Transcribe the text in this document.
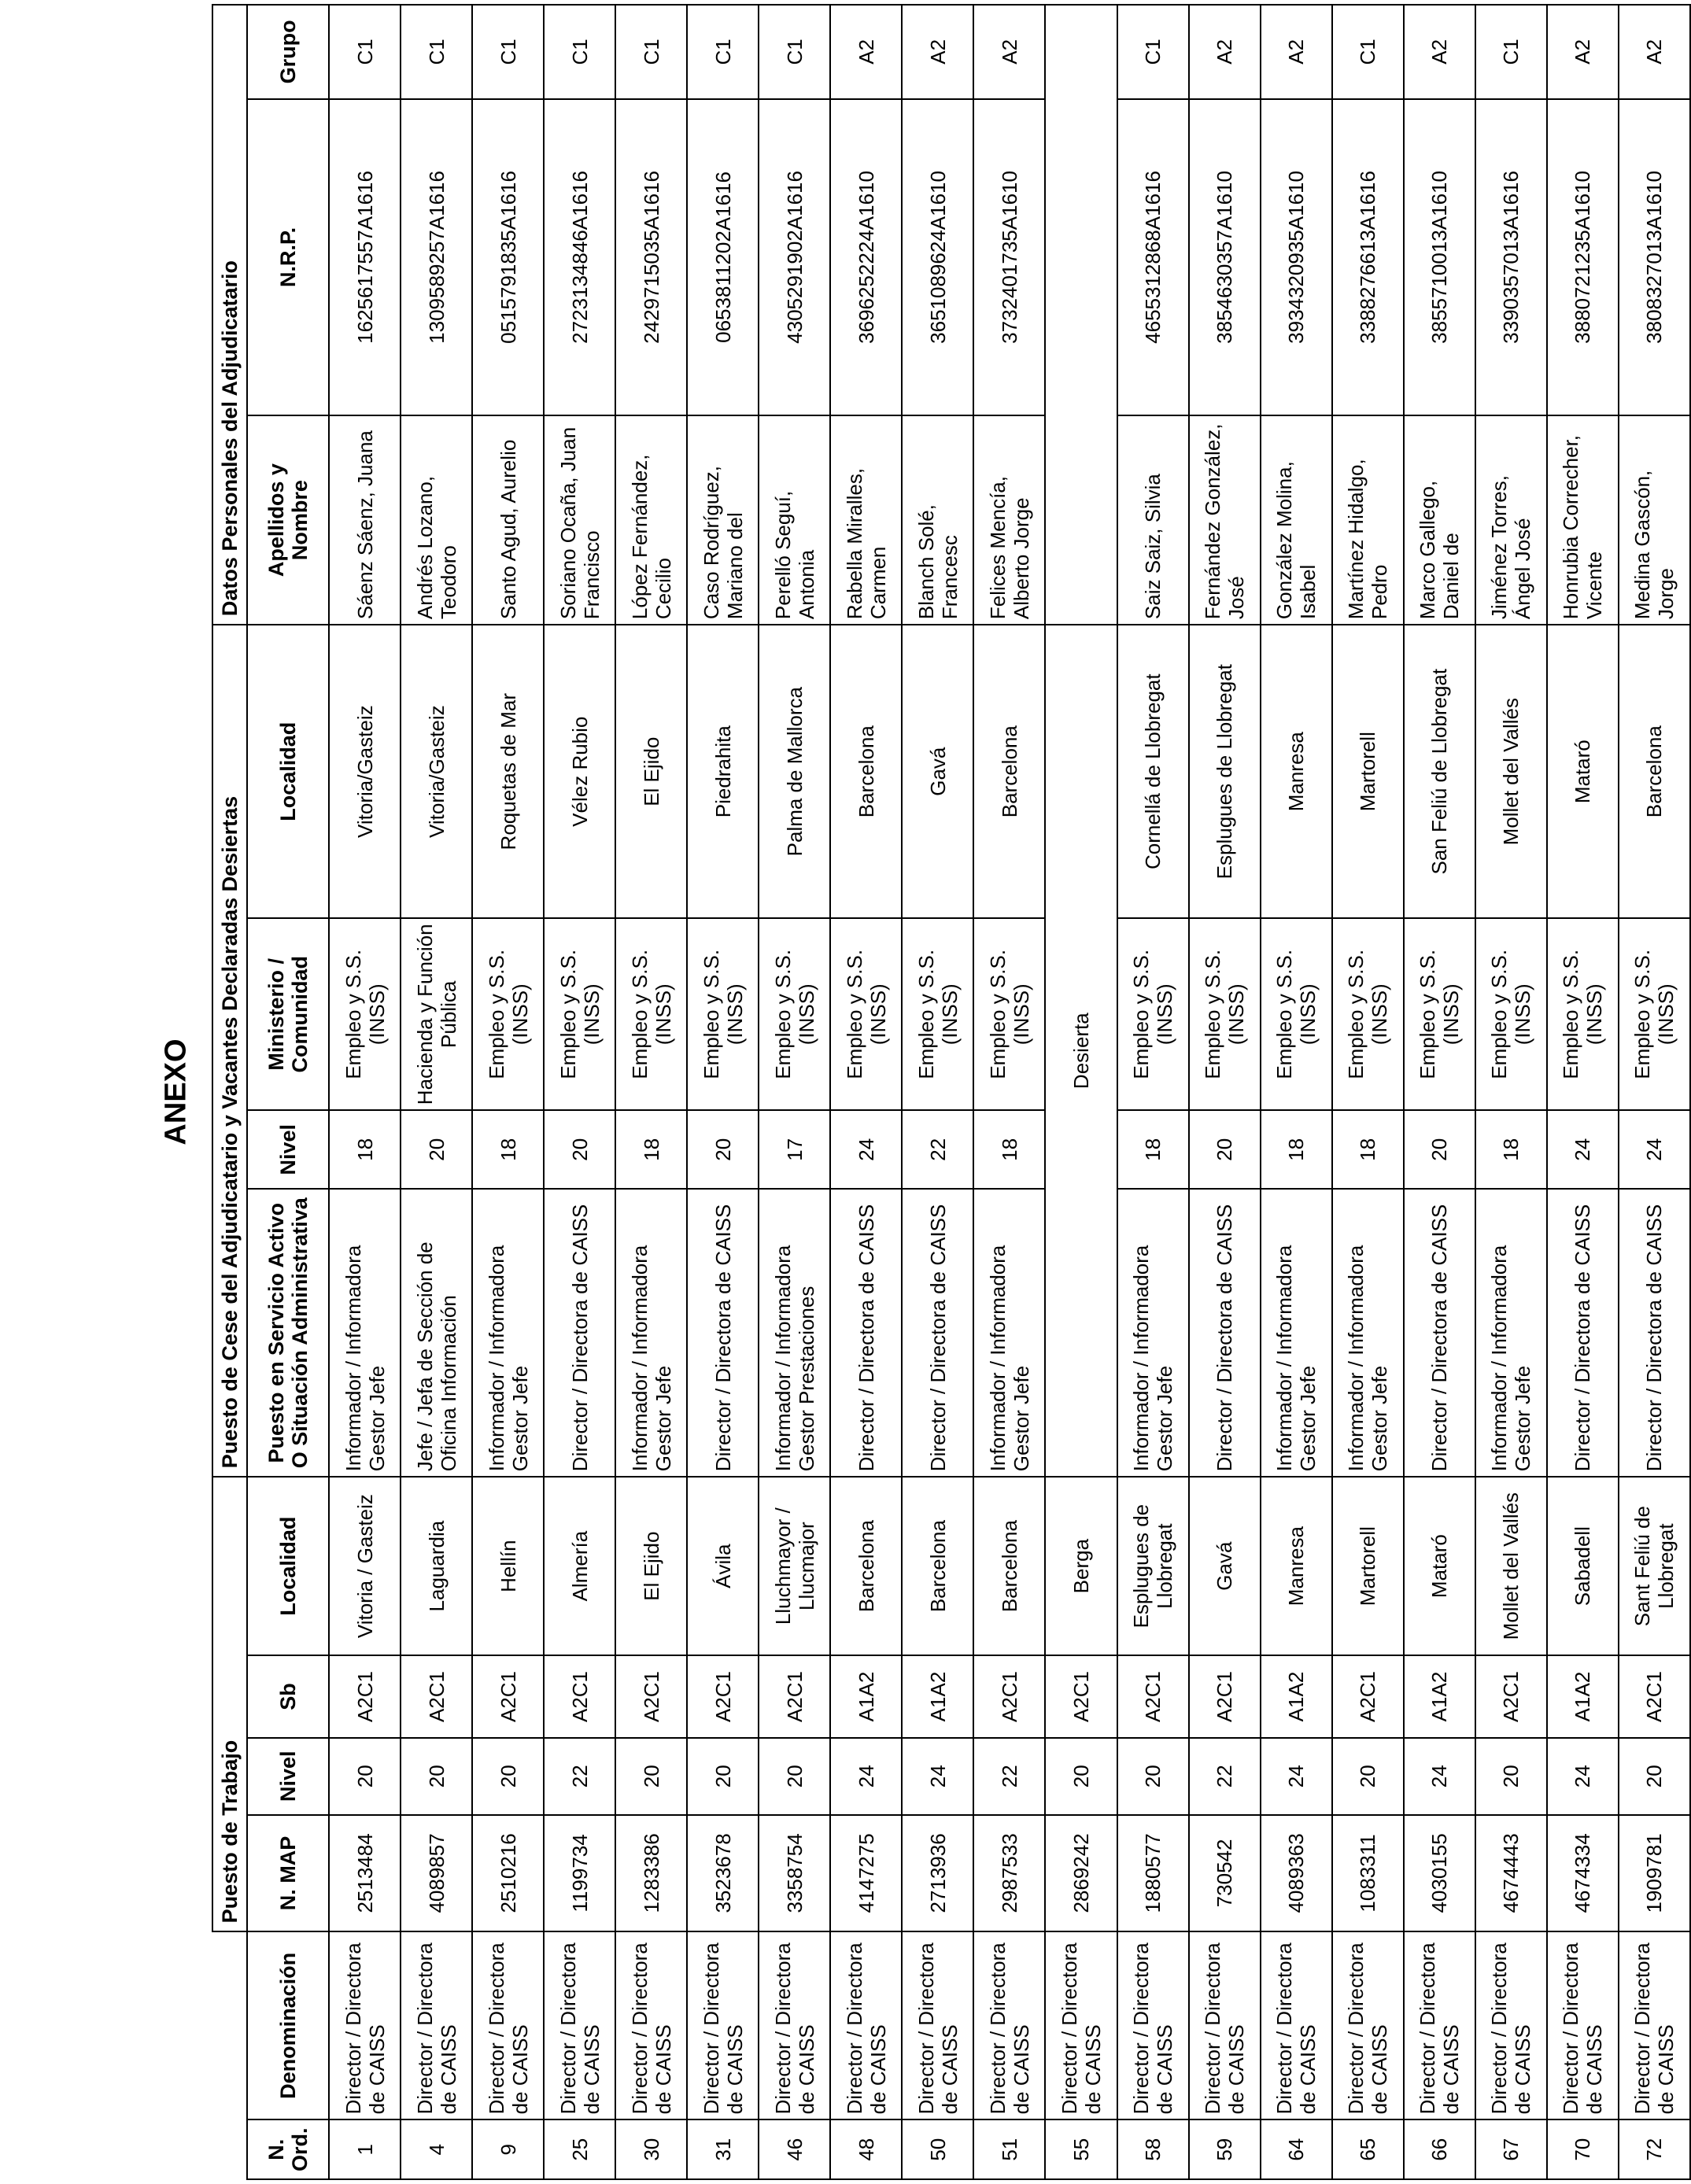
ANEXO
		Puesto de Trabajo				Puesto de Cese del Adjudicatario y Vacantes Declaradas Desiertas				Datos Personales del Adjudicatario		
N. Ord.	Denominación	N. MAP	Nivel	Sb	Localidad	Puesto en Servicio Activo O Situación Administrativa	Nivel	Ministerio / Comunidad	Localidad	Apellidos y Nombre	N.R.P.	Grupo
1	Director / Directora de CAISS	2513484	20	A2C1	Vitoria / Gasteiz	Informador / Informadora Gestor Jefe	18	Empleo y S.S. (INSS)	Vitoria/Gasteiz	Sáenz Sáenz, Juana	1625617557A1616	C1
4	Director / Directora de CAISS	4089857	20	A2C1	Laguardia	Jefe / Jefa de Sección de Oficina Información	20	Hacienda y Función Pública	Vitoria/Gasteiz	Andrés Lozano, Teodoro	1309589257A1616	C1
9	Director / Directora de CAISS	2510216	20	A2C1	Hellín	Informador / Informadora Gestor Jefe	18	Empleo y S.S. (INSS)	Roquetas de Mar	Santo Agud, Aurelio	0515791835A1616	C1
25	Director / Directora de CAISS	1199734	22	A2C1	Almería	Director / Directora de CAISS	20	Empleo y S.S. (INSS)	Vélez Rubio	Soriano Ocaña, Juan Francisco	2723134846A1616	C1
30	Director / Directora de CAISS	1283386	20	A2C1	El Ejido	Informador / Informadora Gestor Jefe	18	Empleo y S.S. (INSS)	El Ejido	López Fernández, Cecilio	2429715035A1616	C1
31	Director / Directora de CAISS	3523678	20	A2C1	Ávila	Director / Directora de CAISS	20	Empleo y S.S. (INSS)	Piedrahita	Caso Rodríguez, Mariano del	0653811202A1616	C1
46	Director / Directora de CAISS	3358754	20	A2C1	Lluchmayor / Llucmajor	Informador / Informadora Gestor Prestaciones	17	Empleo y S.S. (INSS)	Palma de Mallorca	Perelló Seguí, Antonia	4305291902A1616	C1
48	Director / Directora de CAISS	4147275	24	A1A2	Barcelona	Director / Directora de CAISS	24	Empleo y S.S. (INSS)	Barcelona	Rabella Miralles, Carmen	3696252224A1610	A2
50	Director / Directora de CAISS	2713936	24	A1A2	Barcelona	Director / Directora de CAISS	22	Empleo y S.S. (INSS)	Gavá	Blanch Solé, Francesc	3651089624A1610	A2
51	Director / Directora de CAISS	2987533	22	A2C1	Barcelona	Informador / Informadora Gestor Jefe	18	Empleo y S.S. (INSS)	Barcelona	Felices Mencía, Alberto Jorge	3732401735A1610	A2
55	Director / Directora de CAISS	2869242	20	A2C1	Berga	Desierta						
58	Director / Directora de CAISS	1880577	20	A2C1	Esplugues de Llobregat	Informador / Informadora Gestor Jefe	18	Empleo y S.S. (INSS)	Cornellá de Llobregat	Saiz Saiz, Silvia	4655312868A1616	C1
59	Director / Directora de CAISS	730542	22	A2C1	Gavá	Director / Directora de CAISS	20	Empleo y S.S. (INSS)	Esplugues de Llobregat	Fernández González, José	3854630357A1610	A2
64	Director / Directora de CAISS	4089363	24	A1A2	Manresa	Informador / Informadora Gestor Jefe	18	Empleo y S.S. (INSS)	Manresa	González Molina, Isabel	3934320935A1610	A2
65	Director / Directora de CAISS	1083311	20	A2C1	Martorell	Informador / Informadora Gestor Jefe	18	Empleo y S.S. (INSS)	Martorell	Martínez Hidalgo, Pedro	3388276613A1616	C1
66	Director / Directora de CAISS	4030155	24	A1A2	Mataró	Director / Directora de CAISS	20	Empleo y S.S. (INSS)	San Feliú de Llobregat	Marco Gallego, Daniel de	3855710013A1610	A2
67	Director / Directora de CAISS	4674443	20	A2C1	Mollet del Vallés	Informador / Informadora Gestor Jefe	18	Empleo y S.S. (INSS)	Mollet del Vallés	Jiménez Torres, Ángel José	3390357013A1616	C1
70	Director / Directora de CAISS	4674334	24	A1A2	Sabadell	Director / Directora de CAISS	24	Empleo y S.S. (INSS)	Mataró	Honrubia Correcher, Vicente	3880721235A1610	A2
72	Director / Directora de CAISS	1909781	20	A2C1	Sant Feliú de Llobregat	Director / Directora de CAISS	24	Empleo y S.S. (INSS)	Barcelona	Medina Gascón, Jorge	3808327013A1610	A2
